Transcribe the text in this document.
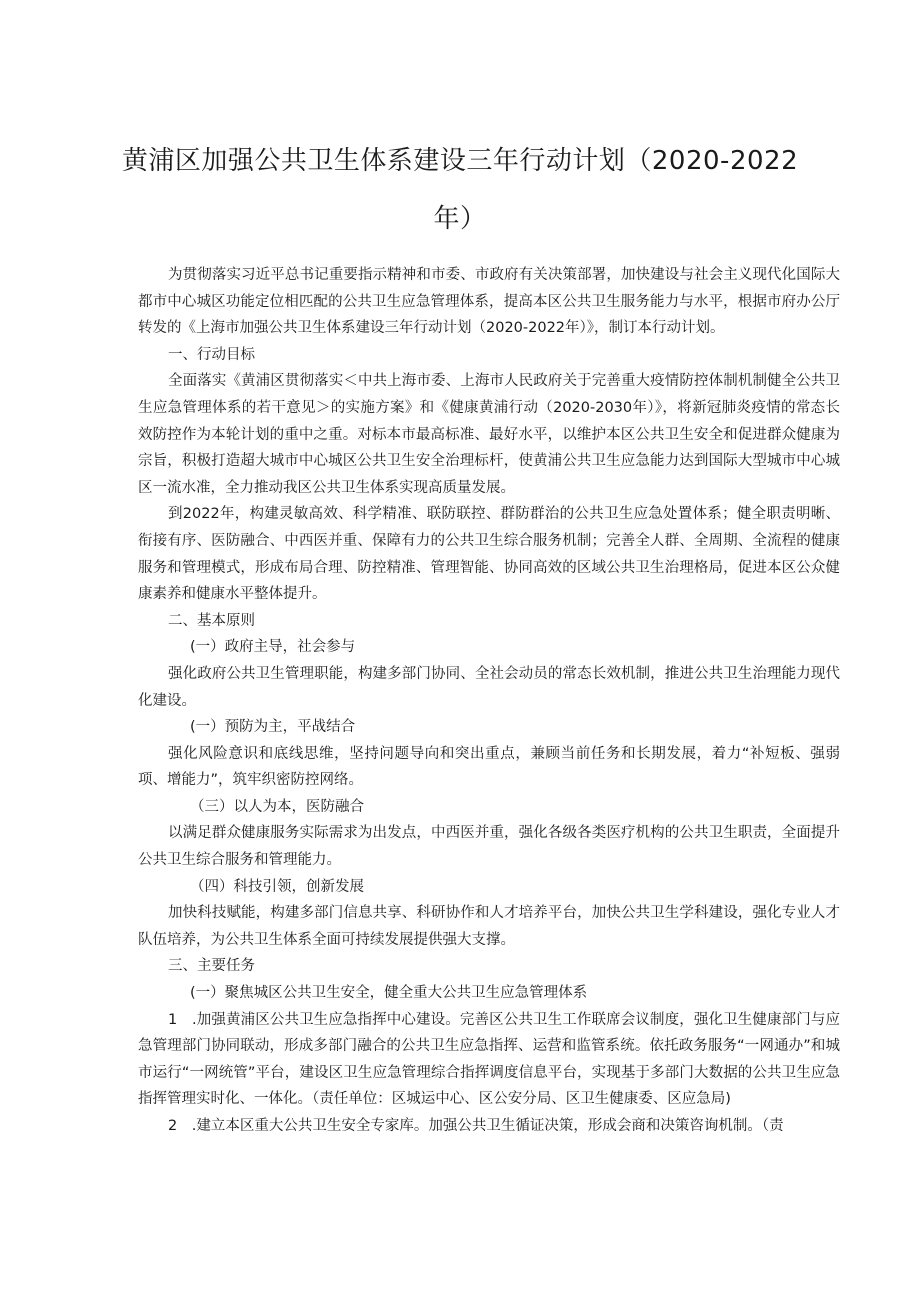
黄浦区加强公共卫生体系建设三年行动计划（2020-2022
年）

为贯彻落实习近平总书记重要指示精神和市委、市政府有关决策部署，加快建设与社会主义现代化国际大都市中心城区功能定位相匹配的公共卫生应急管理体系，提高本区公共卫生服务能力与水平，根据市府办公厅转发的《上海市加强公共卫生体系建设三年行动计划（2020-2022年）》，制订本行动计划。

一、行动目标

全面落实《黄浦区贯彻落实＜中共上海市委、上海市人民政府关于完善重大疫情防控体制机制健全公共卫生应急管理体系的若干意见＞的实施方案》和《健康黄浦行动（2020-2030年）》，将新冠肺炎疫情的常态长效防控作为本轮计划的重中之重。对标本市最高标准、最好水平，以维护本区公共卫生安全和促进群众健康为宗旨，积极打造超大城市中心城区公共卫生安全治理标杆，使黄浦公共卫生应急能力达到国际大型城市中心城区一流水准，全力推动我区公共卫生体系实现高质量发展。

到2022年，构建灵敏高效、科学精准、联防联控、群防群治的公共卫生应急处置体系；健全职责明晰、衔接有序、医防融合、中西医并重、保障有力的公共卫生综合服务机制；完善全人群、全周期、全流程的健康服务和管理模式，形成布局合理、防控精准、管理智能、协同高效的区域公共卫生治理格局，促进本区公众健康素养和健康水平整体提升。

二、基本原则

(一）政府主导，社会参与

强化政府公共卫生管理职能，构建多部门协同、全社会动员的常态长效机制，推进公共卫生治理能力现代化建设。

(一）预防为主，平战结合

强化风险意识和底线思维，坚持问题导向和突出重点，兼顾当前任务和长期发展，着力“补短板、强弱项、增能力”，筑牢织密防控网络。

（三）以人为本，医防融合

以满足群众健康服务实际需求为出发点，中西医并重，强化各级各类医疗机构的公共卫生职责，全面提升公共卫生综合服务和管理能力。

（四）科技引领，创新发展

加快科技赋能，构建多部门信息共享、科研协作和人才培养平台，加快公共卫生学科建设，强化专业人才队伍培养，为公共卫生体系全面可持续发展提供强大支撑。

三、主要任务

(一）聚焦城区公共卫生安全，健全重大公共卫生应急管理体系

1　.加强黄浦区公共卫生应急指挥中心建设。完善区公共卫生工作联席会议制度，强化卫生健康部门与应急管理部门协同联动，形成多部门融合的公共卫生应急指挥、运营和监管系统。依托政务服务“一网通办”和城市运行“一网统管”平台，建设区卫生应急管理综合指挥调度信息平台，实现基于多部门大数据的公共卫生应急指挥管理实时化、一体化。（责任单位：区城运中心、区公安分局、区卫生健康委、区应急局)

2　.建立本区重大公共卫生安全专家库。加强公共卫生循证决策，形成会商和决策咨询机制。（责
